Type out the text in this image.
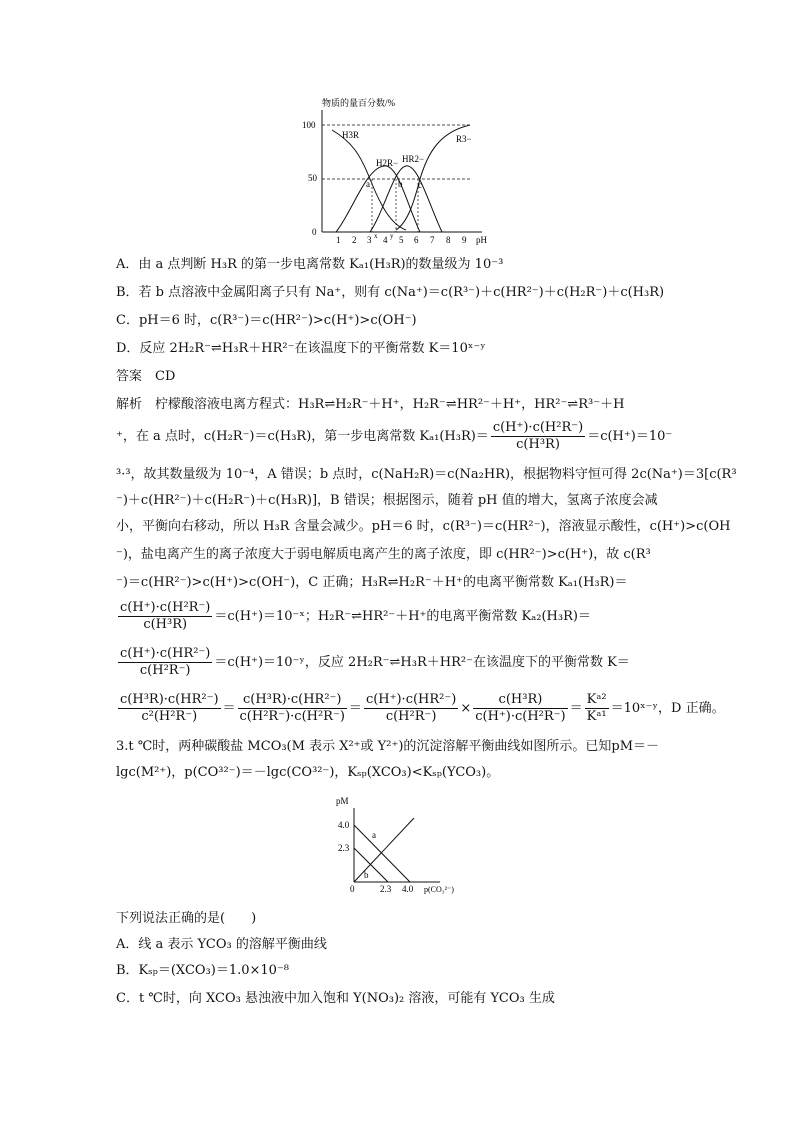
物质的量百分数/%
100
50
0
H3R
H2R− HR2−
R3−
a	b c
1 2 3 x 4 y 5 6 7 8 9 pH
A．由 a 点判断 H₃R 的第一步电离常数 Kₐ₁(H₃R)的数量级为 10⁻³
B．若 b 点溶液中金属阳离子只有 Na⁺，则有 c(Na⁺)＝c(R³⁻)＋c(HR²⁻)＋c(H₂R⁻)＋c(H₃R)
C．pH＝6 时，c(R³⁻)＝c(HR²⁻)>c(H⁺)>c(OH⁻)
D．反应 2H₂R⁻⇌H₃R＋HR²⁻在该温度下的平衡常数 K＝10ˣ⁻ʸ
答案　CD
解析　柠檬酸溶液电离方程式：H₃R⇌H₂R⁻＋H⁺，H₂R⁻⇌HR²⁻＋H⁺，HR²⁻⇌R³⁻＋H
⁺，在 a 点时，c(H₂R⁻)＝c(H₃R)，第一步电离常数 $K_{a1}(H_3R)= \frac{\text{c(H⁺)·c(H²R⁻)}}{\text{c(H³R)}} =c(H^+)=10^-$
³·³，故其数量级为 10⁻⁴，A 错误；b 点时，c(NaH₂R)＝c(Na₂HR)，根据物料守恒可得 2c(Na⁺)＝3[c(R³
⁻)＋c(HR²⁻)＋c(H₂R⁻)＋c(H₃R)]，B 错误；根据图示，随着 pH 值的增大，氢离子浓度会减
小，平衡向右移动，所以 H₃R 含量会减少。pH＝6 时，c(R³⁻)＝c(HR²⁻)，溶液显示酸性，c(H⁺)>c(OH
⁻)，盐电离产生的离子浓度大于弱电解质电离产生的离子浓度，即 c(HR²⁻)>c(H⁺)，故 c(R³
⁻)＝c(HR²⁻)>c(H⁺)>c(OH⁻)，C 正确；H₃R⇌H₂R⁻＋H⁺的电离平衡常数 Kₐ₁(H₃R)＝
$\frac{\text{c(H⁺)·c(H²R⁻)}}{\text{c(H³R)}}$ ＝c(H⁺)＝10⁻ˣ；H₂R⁻⇌HR²⁻＋H⁺的电离平衡常数 Kₐ₂(H₃R)＝
$\frac{\text{c(H⁺)·c(HR²⁻)}}{\text{c(H²R⁻)}}$ ＝c(H⁺)＝10⁻ʸ，反应 2H₂R⁻⇌H₃R＋HR²⁻在该温度下的平衡常数 K＝
$\frac{\text{c(H³R)·c(HR²⁻)}}{\text{c²(H²R⁻)}} = \frac{\text{c(H³R)·c(HR²⁻)}}{\text{c(H²R⁻)·c(H²R⁻)}} = \frac{\text{c(H⁺)·c(HR²⁻)}}{\text{c(H²R⁻)}} \times \frac{\text{c(H³R)}}{\text{c(H⁺)·c(H²R⁻)}} = \frac{\text{Kᵃ²}}{\text{Kᵃ¹}}$ ＝10ˣ⁻ʸ，D 正确。
3.t ℃时，两种碳酸盐 MCO₃(M 表示 X²⁺或 Y²⁺)的沉淀溶解平衡曲线如图所示。已知pM＝－
lgc(M²⁺)，p(CO³²⁻)＝－lgc(CO³²⁻)，Kₛₚ(XCO₃)<Kₛₚ(YCO₃)。
pM
4.0
2.3
a
b
0	2.3 4.0 p(CO₃²⁻)
下列说法正确的是(　　)
A．线 a 表示 YCO₃ 的溶解平衡曲线
B．Kₛₚ＝(XCO₃)＝1.0×10⁻⁸
C．t ℃时，向 XCO₃ 悬浊液中加入饱和 Y(NO₃)₂ 溶液，可能有 YCO₃ 生成
